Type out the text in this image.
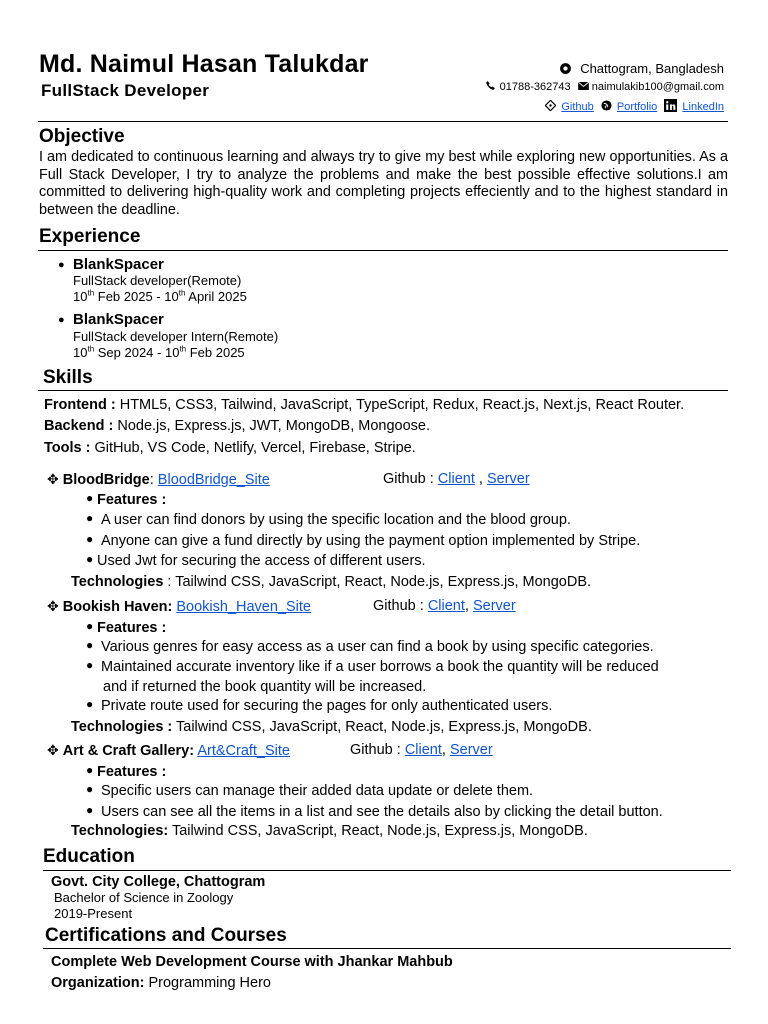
Md. Naimul Hasan Talukdar
FullStack Developer
Chattogram, Bangladesh
01788-362743 naimulakib100@gmail.com
Github Portfolio LinkedIn
Objective
I am dedicated to continuous learning and always try to give my best while exploring new opportunities. As a Full Stack Developer, I try to analyze the problems and make the best possible effective solutions.I am committed to delivering high-quality work and completing projects effeciently and to the highest standard in between the deadline.
Experience
● BlankSpacer
FullStack developer(Remote)
10th Feb 2025 - 10th April 2025
● BlankSpacer
FullStack developer Intern(Remote)
10th Sep 2024 - 10th Feb 2025
Skills
Frontend : HTML5, CSS3, Tailwind, JavaScript, TypeScript, Redux, React.js, Next.js, React Router.
Backend : Node.js, Express.js, JWT, MongoDB, Mongoose.
Tools : GitHub, VS Code, Netlify, Vercel, Firebase, Stripe.
✥ BloodBridge: BloodBridge_Site	Github : Client , Server
● Features :
● A user can find donors by using the specific location and the blood group.
● Anyone can give a fund directly by using the payment option implemented by Stripe.
● Used Jwt for securing the access of different users.
Technologies : Tailwind CSS, JavaScript, React, Node.js, Express.js, MongoDB.
✥ Bookish Haven: Bookish_Haven_Site	Github : Client, Server
● Features :
● Various genres for easy access as a user can find a book by using specific categories.
● Maintained accurate inventory like if a user borrows a book the quantity will be reduced
and if returned the book quantity will be increased.
● Private route used for securing the pages for only authenticated users.
Technologies : Tailwind CSS, JavaScript, React, Node.js, Express.js, MongoDB.
✥ Art & Craft Gallery: Art&Craft_Site	Github : Client, Server
● Features :
● Specific users can manage their added data update or delete them.
● Users can see all the items in a list and see the details also by clicking the detail button.
Technologies: Tailwind CSS, JavaScript, React, Node.js, Express.js, MongoDB.
Education
Govt. City College, Chattogram
Bachelor of Science in Zoology
2019-Present
Certifications and Courses
Complete Web Development Course with Jhankar Mahbub
Organization: Programming Hero
